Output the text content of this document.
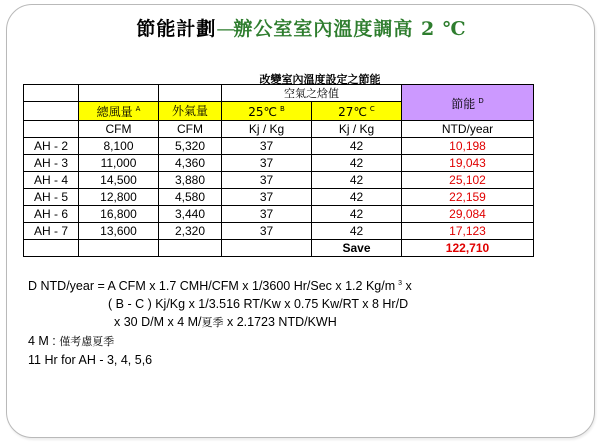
節能計劃—辦公室室內溫度調高 2 ℃
改變室內溫度設定之節能
			空氣之焓值		節能 $^D$
	總風量 $^A$	外氣量	25℃ $^B$	27℃ $^C$
	CFM	CFM	Kj / Kg	Kj / Kg	NTD/year
AH - 2	8,100	5,320	37	42	10,198
AH - 3	11,000	4,360	37	42	19,043
AH - 4	14,500	3,880	37	42	25,102
AH - 5	12,800	4,580	37	42	22,159
AH - 6	16,800	3,440	37	42	29,084
AH - 7	13,600	2,320	37	42	17,123
				Save	122,710
D NTD/year = A CFM x 1.7 CMH/CFM x 1/3600 Hr/Sec x 1.2 Kg/m $^3$ x
( B - C ) Kj/Kg x 1/3.516 RT/Kw x 0.75 Kw/RT x 8 Hr/D
x 30 D/M x 4 M/夏季 x 2.1723 NTD/KWH
4 M : 僅考慮夏季
11 Hr for AH - 3, 4, 5,6
